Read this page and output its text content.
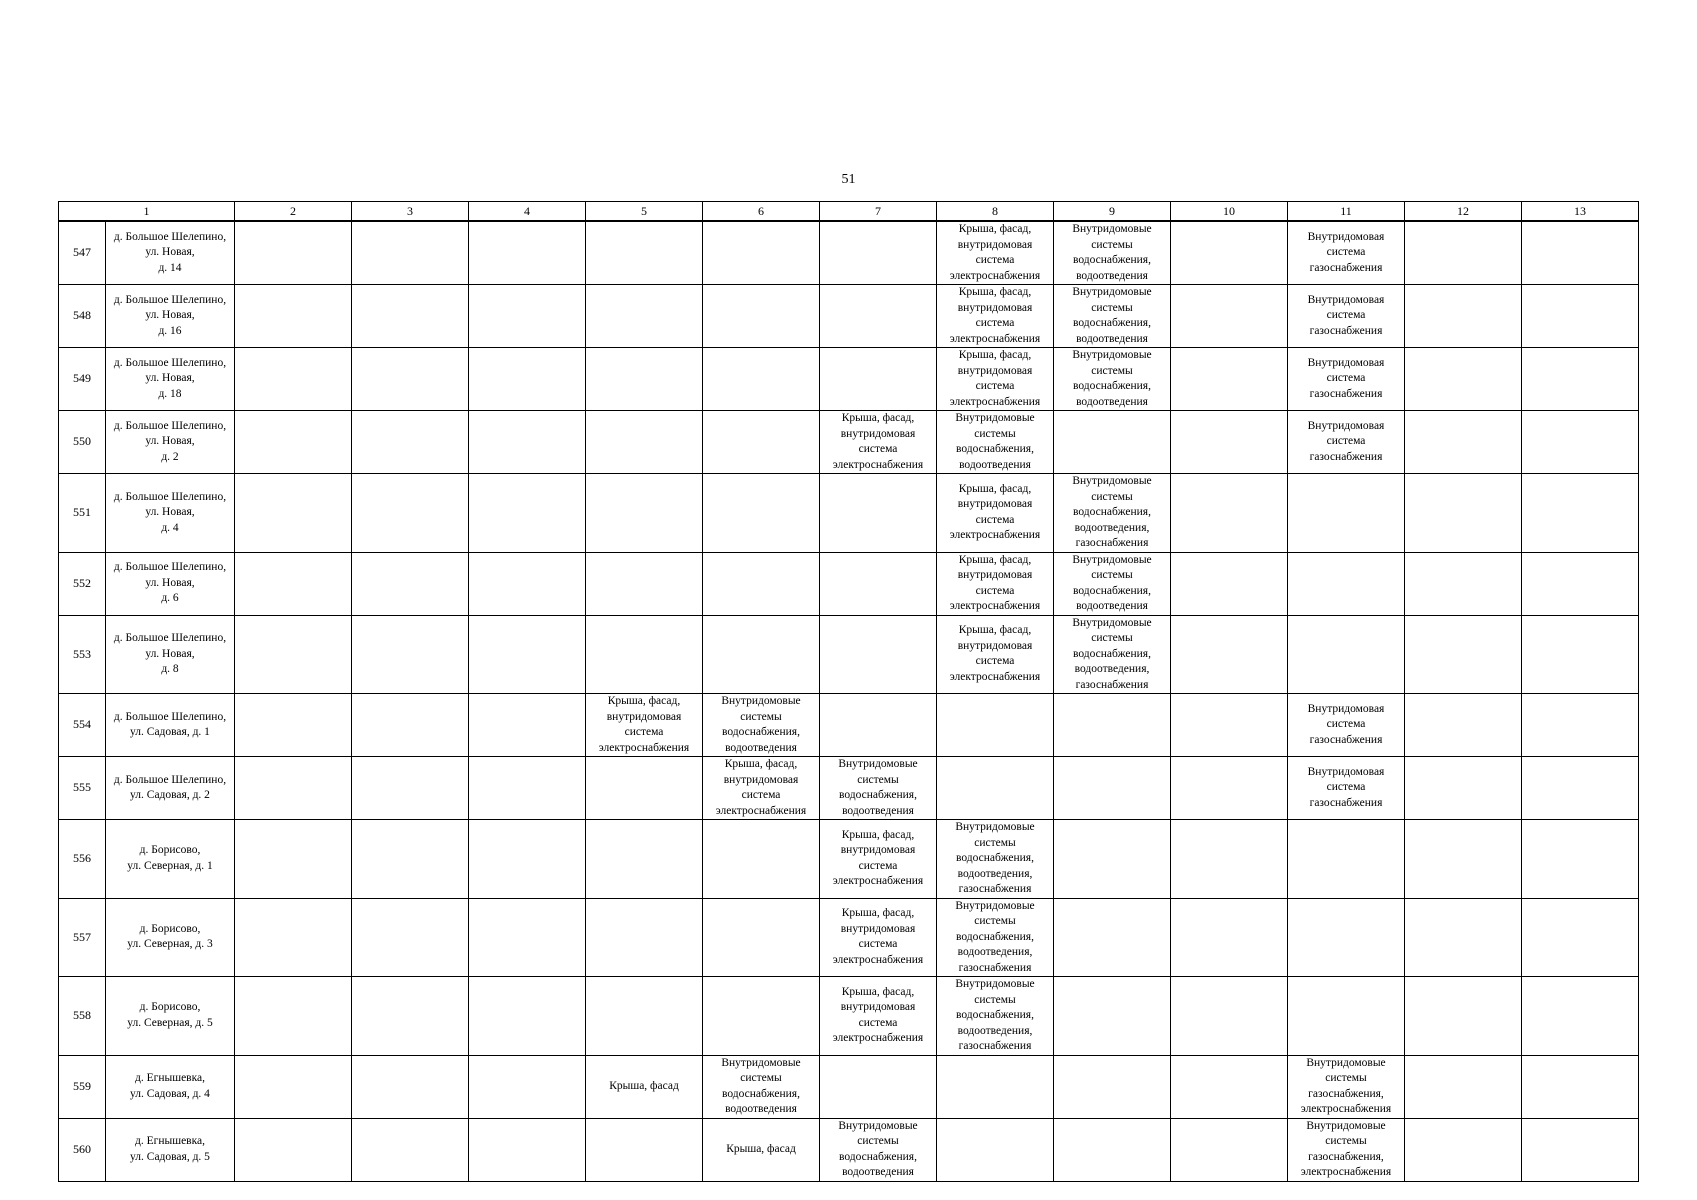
51
1		2	3	4	5	6	7	8	9	10	11	12	13
547	д. Большое Шелепино,
ул. Новая,
д. 14							Крыша, фасад,
внутридомовая
система
электроснабжения	Внутридомовые
системы
водоснабжения,
водоотведения		Внутридомовая
система
газоснабжения		

548	д. Большое Шелепино,
ул. Новая,
д. 16							Крыша, фасад,
внутридомовая
система
электроснабжения	Внутридомовые
системы
водоснабжения,
водоотведения		Внутридомовая
система
газоснабжения		

549	д. Большое Шелепино,
ул. Новая,
д. 18							Крыша, фасад,
внутридомовая
система
электроснабжения	Внутридомовые
системы
водоснабжения,
водоотведения		Внутридомовая
система
газоснабжения		

550	д. Большое Шелепино,
ул. Новая,
д. 2						Крыша, фасад,
внутридомовая
система
электроснабжения	Внутридомовые
системы
водоснабжения,
водоотведения			Внутридомовая
система
газоснабжения		

551	д. Большое Шелепино,
ул. Новая,
д. 4							Крыша, фасад,
внутридомовая
система
электроснабжения	Внутридомовые
системы
водоснабжения,
водоотведения,
газоснабжения				

552	д. Большое Шелепино,
ул. Новая,
д. 6							Крыша, фасад,
внутридомовая
система
электроснабжения	Внутридомовые
системы
водоснабжения,
водоотведения				

553	д. Большое Шелепино,
ул. Новая,
д. 8							Крыша, фасад,
внутридомовая
система
электроснабжения	Внутридомовые
системы
водоснабжения,
водоотведения,
газоснабжения				

554	д. Большое Шелепино,
ул. Садовая, д. 1				Крыша, фасад,
внутридомовая
система
электроснабжения	Внутридомовые
системы
водоснабжения,
водоотведения					Внутридомовая
система
газоснабжения		

555	д. Большое Шелепино,
ул. Садовая, д. 2					Крыша, фасад,
внутридомовая
система
электроснабжения	Внутридомовые
системы
водоснабжения,
водоотведения				Внутридомовая
система
газоснабжения		

556	д. Борисово,
ул. Северная, д. 1						Крыша, фасад,
внутридомовая
система
электроснабжения	Внутридомовые
системы
водоснабжения,
водоотведения,
газоснабжения					

557	д. Борисово,
ул. Северная, д. 3						Крыша, фасад,
внутридомовая
система
электроснабжения	Внутридомовые
системы
водоснабжения,
водоотведения,
газоснабжения					

558	д. Борисово,
ул. Северная, д. 5						Крыша, фасад,
внутридомовая
система
электроснабжения	Внутридомовые
системы
водоснабжения,
водоотведения,
газоснабжения					

559	д. Егнышевка,
ул. Садовая, д. 4				Крыша, фасад	Внутридомовые
системы
водоснабжения,
водоотведения					Внутридомовые
системы
газоснабжения,
электроснабжения		

560	д. Егнышевка,
ул. Садовая, д. 5					Крыша, фасад	Внутридомовые
системы
водоснабжения,
водоотведения				Внутридомовые
системы
газоснабжения,
электроснабжения		
